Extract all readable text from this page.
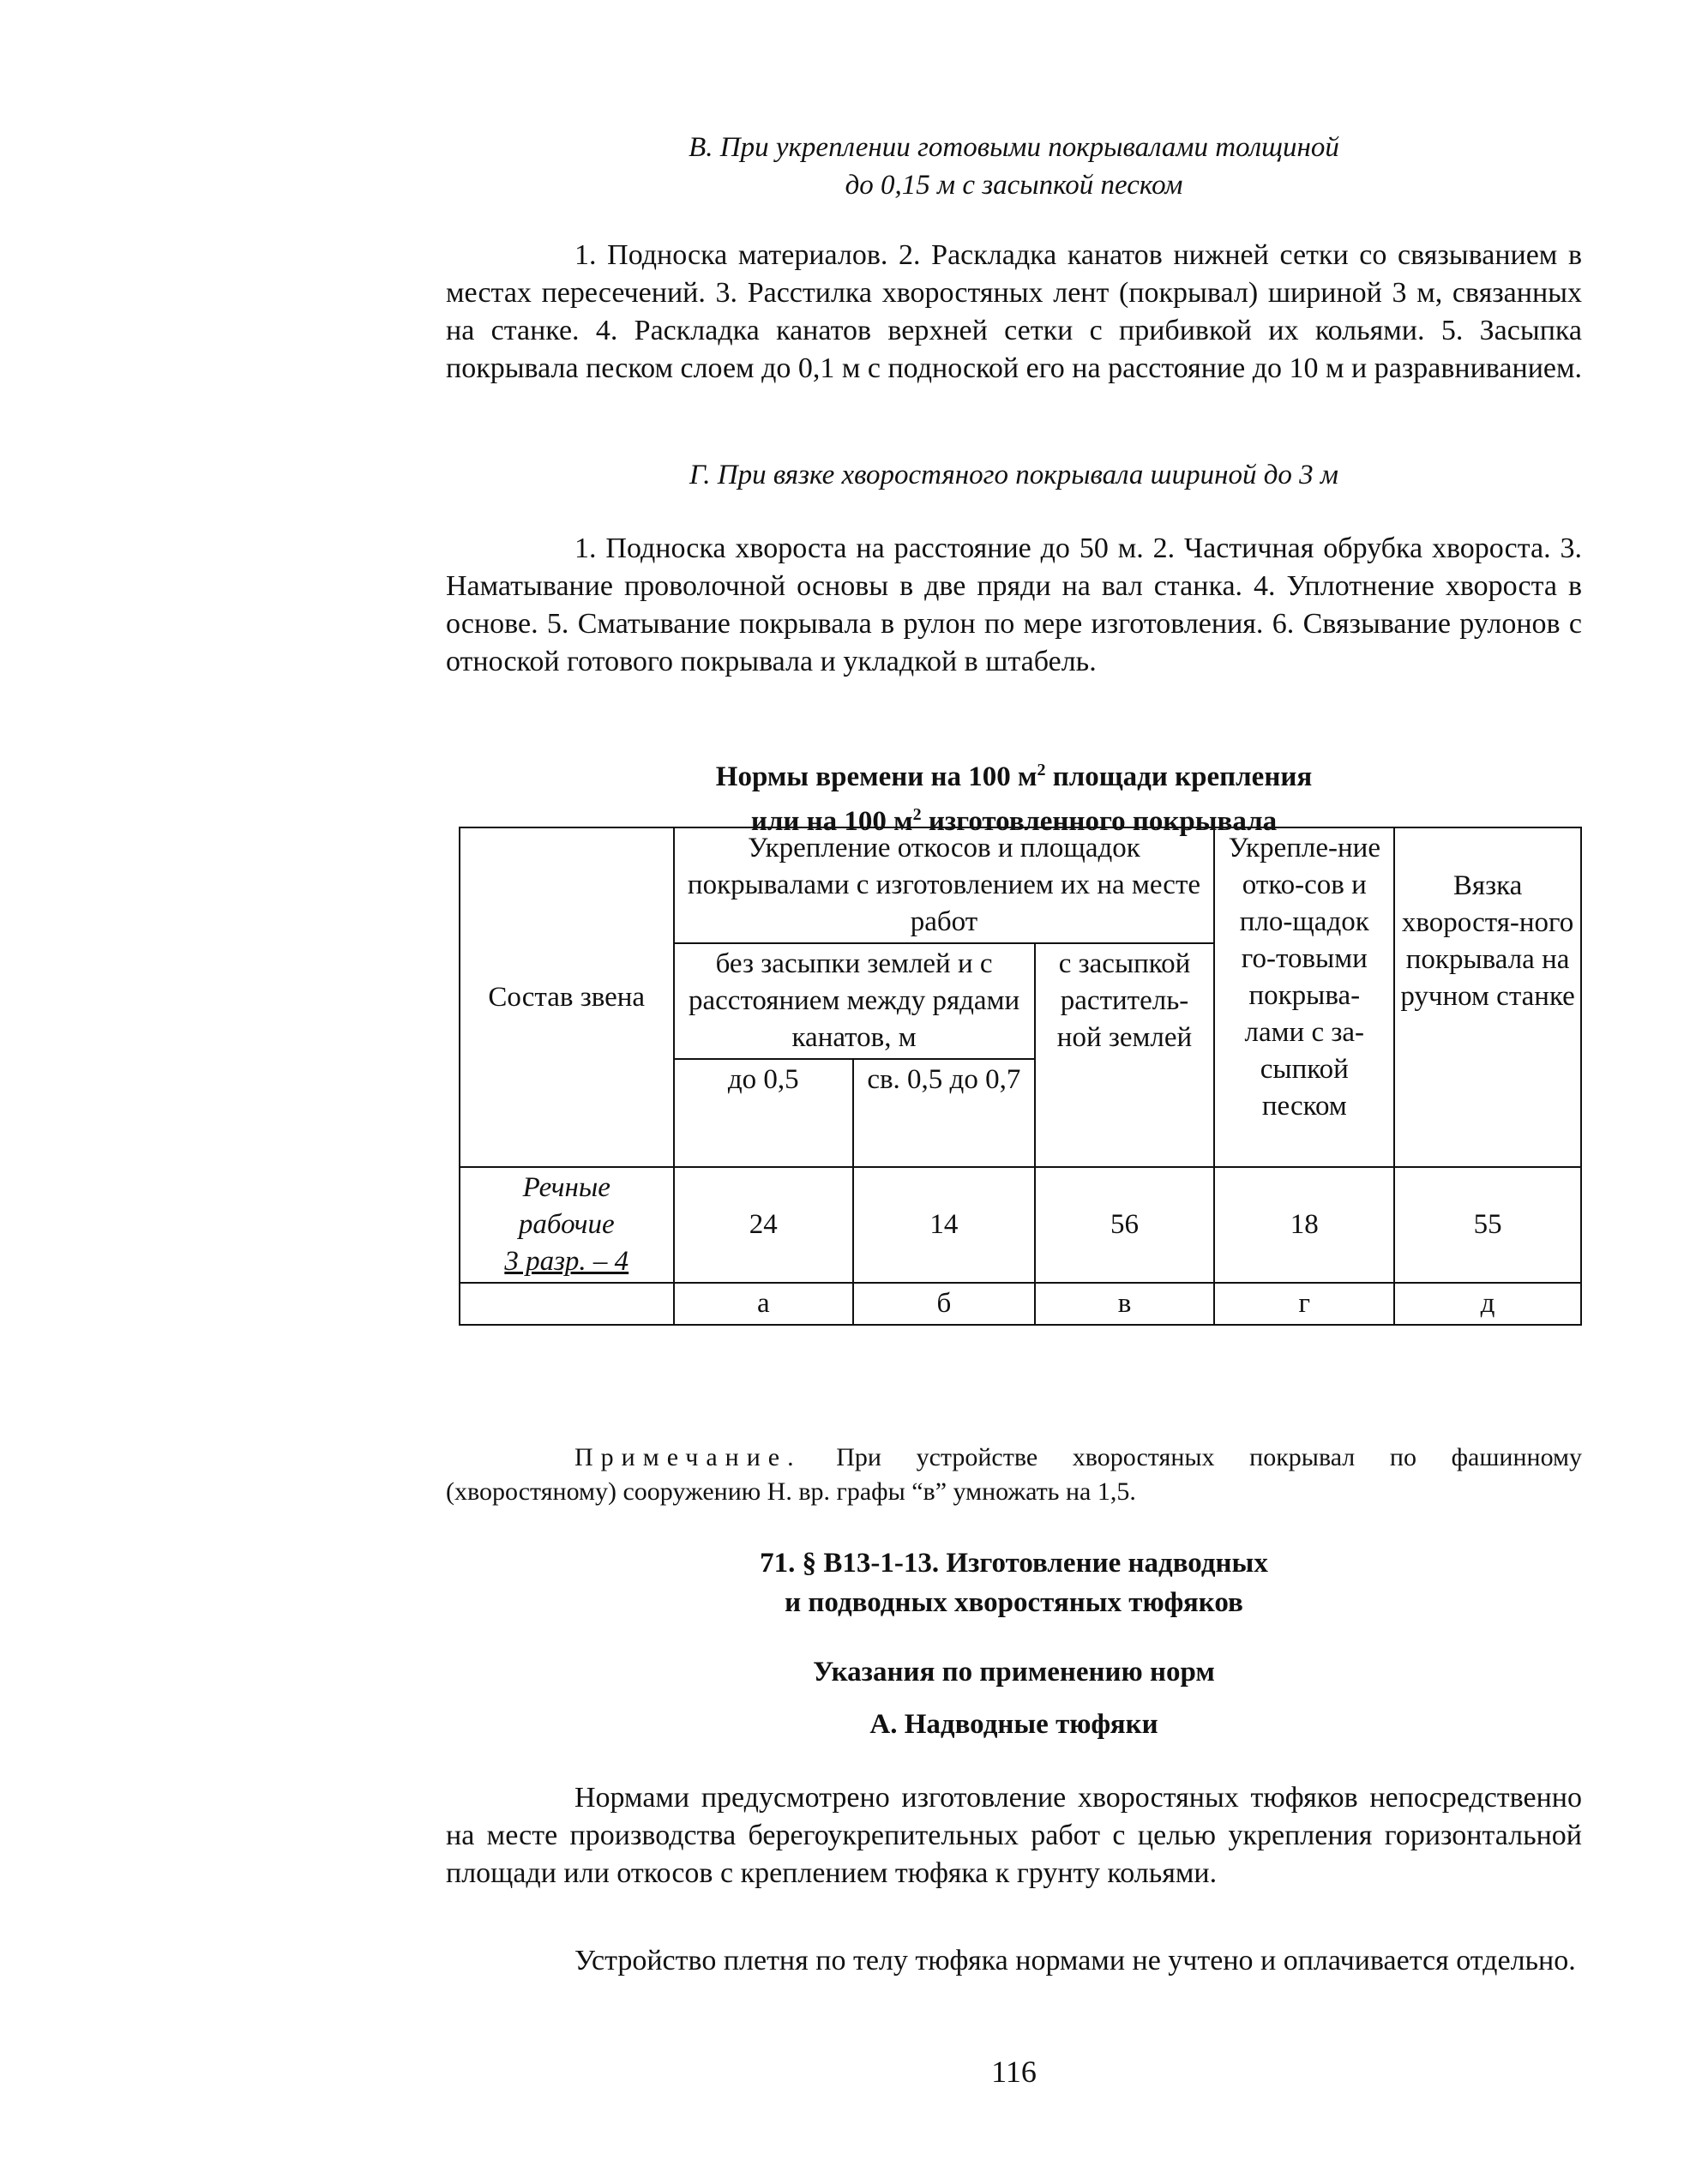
В. При укреплении готовыми покрывалами толщиной
до 0,15 м с засыпкой песком

1. Подноска материалов. 2. Раскладка канатов нижней сетки со связыванием в местах пересечений. 3. Расстилка хворостяных лент (покрывал) шириной 3 м, связанных на станке. 4. Раскладка канатов верхней сетки с прибивкой их кольями. 5. Засыпка покрывала песком слоем до 0,1 м с подноской его на расстояние до 10 м и разравниванием.

Г. При вязке хворостяного покрывала шириной до 3 м

1. Подноска хвороста на расстояние до 50 м. 2. Частичная обрубка хвороста. 3. Наматывание проволочной основы в две пряди на вал станка. 4. Уплотнение хвороста в основе. 5. Сматывание покрывала в рулон по мере изготовления. 6. Связывание рулонов с отноской готового покрывала и укладкой в штабель.

Нормы времени на 100 $м^2$ площади крепления
или на 100 $м^2$ изготовленного покрывала
Состав звена	Укрепление откосов и площадок покрывалами с изготовлением их на месте работ			Укрепле-ние отко-сов и пло-щадок го-товыми покрыва-лами с за-сыпкой песком	Вязка хворостя-ного покрывала на ручном станке
	без засыпки землей и с расстоянием между рядами канатов, м		с засыпкой раститель-ной землей		
	до 0,5	св. 0,5 до 0,7			

Речные
рабочие
3 разр. – 4	24	14	56	18	55
	а	б	в	г	д
Примечание. При устройстве хворостяных покрывал по фашинному (хворостяному) сооружению Н. вр. графы “в” умножать на 1,5.
71. § В13-1-13. Изготовление надводных
и подводных хворостяных тюфяков
Указания по применению норм
А. Надводные тюфяки

Нормами предусмотрено изготовление хворостяных тюфяков непосредственно на месте производства берегоукрепительных работ с целью укрепления горизонтальной площади или откосов с креплением тюфяка к грунту кольями.

Устройство плетня по телу тюфяка нормами не учтено и оплачивается отдельно.

116
